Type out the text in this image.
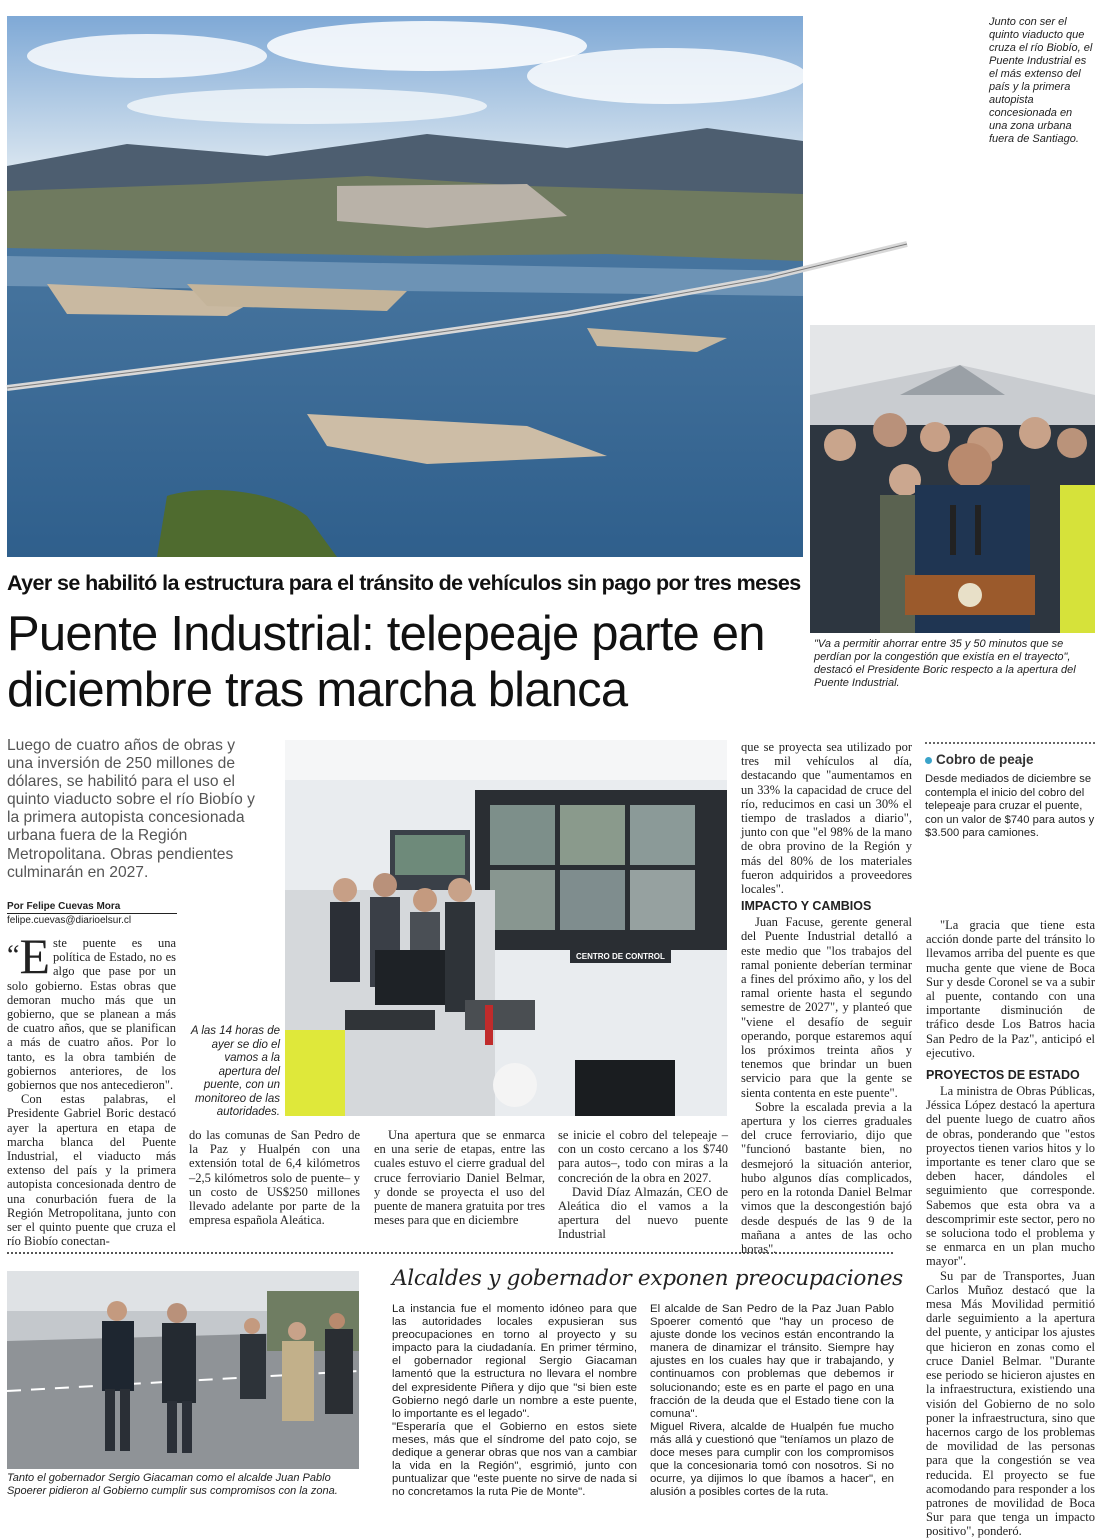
Junto con ser el quinto viaducto que cruza el río Biobío, el Puente Industrial es el más extenso del país y la primera autopista concesionada en una zona urbana fuera de Santiago.
"Va a permitir ahorrar entre 35 y 50 minutos que se perdían por la congestión que existía en el trayecto", destacó el Presidente Boric respecto a la apertura del Puente Industrial.
Ayer se habilitó la estructura para el tránsito de vehículos sin pago por tres meses
Puente Industrial: telepeaje parte en diciembre tras marcha blanca
Luego de cuatro años de obras y una inversión de 250 millones de dólares, se habilitó para el uso el quinto viaducto sobre el río Biobío y la primera autopista concesionada urbana fuera de la Región Metropolitana. Obras pendientes culminarán en 2027.
Por Felipe Cuevas Mora
felipe.cuevas@diarioelsur.cl
CENTRO DE CONTROL
A las 14 horas de ayer se dio el vamos a la apertura del puente, con un monitoreo de las autoridades.

“E ste puente es una política de Estado, no es algo que pase por un solo gobierno. Estas obras que demoran mucho más que un gobierno, que se planean a más de cuatro años, que se planifican a más de cuatro años. Por lo tanto, es la obra también de gobiernos anteriores, de los gobiernos que nos antecedieron".

Con estas palabras, el Presidente Gabriel Boric destacó ayer la apertura en etapa de marcha blanca del Puente Industrial, el viaducto más extenso del país y la primera autopista concesionada dentro de una conurbación fuera de la Región Metropolitana, junto con ser el quinto puente que cruza el río Biobío conectan-

do las comunas de San Pedro de la Paz y Hualpén con una extensión total de 6,4 kilómetros –2,5 kilómetros solo de puente– y un costo de US$250 millones llevado adelante por parte de la empresa española Aleática.

Una apertura que se enmarca en una serie de etapas, entre las cuales estuvo el cierre gradual del cruce ferroviario Daniel Belmar, y donde se proyecta el uso del puente de manera gratuita por tres meses para que en diciembre

se inicie el cobro del telepeaje –con un costo cercano a los $740 para autos–, todo con miras a la concreción de la obra en 2027.

David Díaz Almazán, CEO de Aleática dio el vamos a la apertura del nuevo puente Industrial

que se proyecta sea utilizado por tres mil vehículos al día, destacando que "aumentamos en un 33% la capacidad de cruce del río, reducimos en casi un 30% el tiempo de traslados a diario", junto con que "el 98% de la mano de obra provino de la Región y más del 80% de los materiales fueron adquiridos a proveedores locales".

IMPACTO Y CAMBIOS

Juan Facuse, gerente general del Puente Industrial detalló a este medio que "los trabajos del ramal poniente deberían terminar a fines del próximo año, y los del ramal oriente hasta el segundo semestre de 2027", y planteó que "viene el desafío de seguir operando, porque estaremos aquí los próximos treinta años y tenemos que brindar un buen servicio para que la gente se sienta contenta en este puente".

Sobre la escalada previa a la apertura y los cierres graduales del cruce ferroviario, dijo que "funcionó bastante bien, no desmejoró la situación anterior, hubo algunos días complicados, pero en la rotonda Daniel Belmar vimos que la descongestión bajó desde después de las 9 de la mañana a antes de las ocho horas".

Cobro de peaje
Desde mediados de diciembre se contempla el inicio del cobro del telepeaje para cruzar el puente, con un valor de $740 para autos y $3.500 para camiones.

"La gracia que tiene esta acción donde parte del tránsito lo llevamos arriba del puente es que mucha gente que viene de Boca Sur y desde Coronel se va a subir al puente, contando con una importante disminución de tráfico desde Los Batros hacia San Pedro de la Paz", anticipó el ejecutivo.

PROYECTOS DE ESTADO

La ministra de Obras Públicas, Jéssica López destacó la apertura del puente luego de cuatro años de obras, ponderando que "estos proyectos tienen varios hitos y lo importante es tener claro que se deben hacer, dándoles el seguimiento que corresponde. Sabemos que esta obra va a descomprimir este sector, pero no se soluciona todo el problema y se enmarca en un plan mucho mayor".

Su par de Transportes, Juan Carlos Muñoz destacó que la mesa Más Movilidad permitió darle seguimiento a la apertura del puente, y anticipar los ajustes que hicieron en zonas como el cruce Daniel Belmar. "Durante ese periodo se hicieron ajustes en la infraestructura, existiendo una visión del Gobierno de no solo poner la infraestructura, sino que hacernos cargo de los problemas de movilidad de las personas para que la congestión se vea reducida. El proyecto se fue acomodando para responder a los patrones de movilidad de Boca Sur para que tenga un impacto positivo", ponderó.

Tanto el gobernador Sergio Giacaman como el alcalde Juan Pablo Spoerer pidieron al Gobierno cumplir sus compromisos con la zona.
Alcaldes y gobernador exponen preocupaciones

La instancia fue el momento idóneo para que las autoridades locales expusieran sus preocupaciones en torno al proyecto y su impacto para la ciudadanía. En primer término, el gobernador regional Sergio Giacaman lamentó que la estructura no llevara el nombre del expresidente Piñera y dijo que "si bien este Gobierno negó darle un nombre a este puente, lo importante es el legado".

"Esperaría que el Gobierno en estos siete meses, más que el síndrome del pato cojo, se dedique a generar obras que nos van a cambiar la vida en la Región", esgrimió, junto con puntualizar que "este puente no sirve de nada si no concretamos la ruta Pie de Monte".

El alcalde de San Pedro de la Paz Juan Pablo Spoerer comentó que "hay un proceso de ajuste donde los vecinos están encontrando la manera de dinamizar el tránsito. Siempre hay ajustes en los cuales hay que ir trabajando, y continuamos con problemas que debemos ir solucionando; este es en parte el pago en una fracción de la deuda que el Estado tiene con la comuna".

Miguel Rivera, alcalde de Hualpén fue mucho más allá y cuestionó que "teníamos un plazo de doce meses para cumplir con los compromisos que la concesionaria tomó con nosotros. Si no ocurre, ya dijimos lo que íbamos a hacer", en alusión a posibles cortes de la ruta.
